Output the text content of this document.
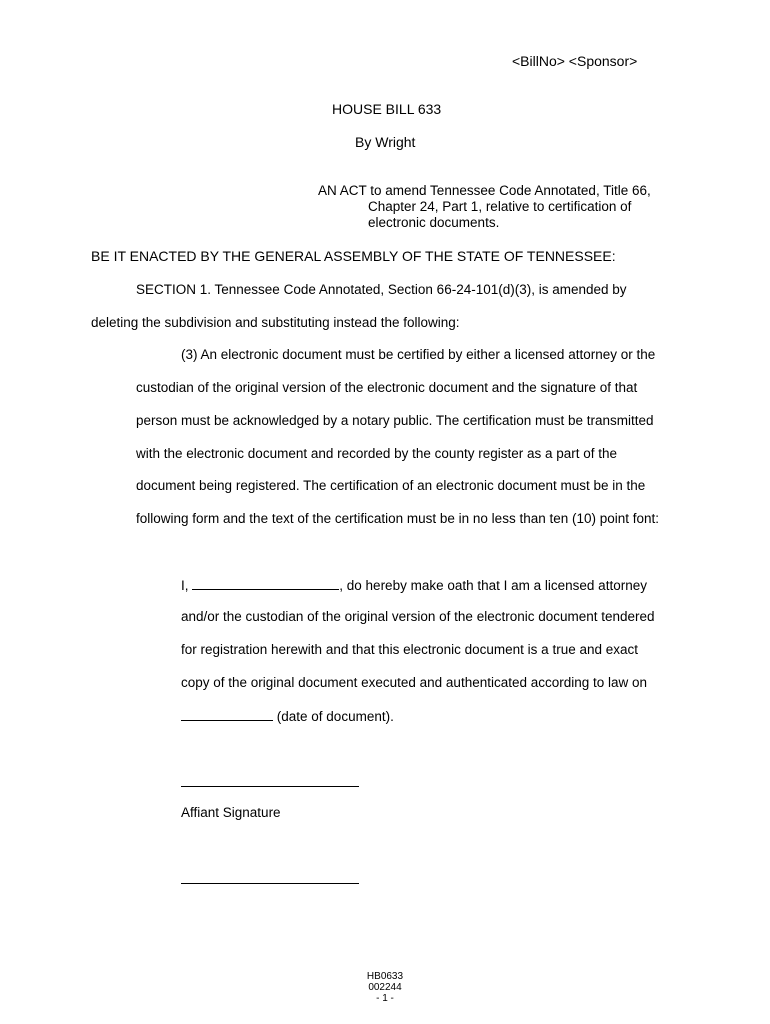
<BillNo> <Sponsor>

HOUSE BILL 633

By Wright

AN ACT to amend Tennessee Code Annotated, Title 66,
Chapter 24, Part 1, relative to certification of
electronic documents.

BE IT ENACTED BY THE GENERAL ASSEMBLY OF THE STATE OF TENNESSEE:

SECTION 1. Tennessee Code Annotated, Section 66-24-101(d)(3), is amended by

deleting the subdivision and substituting instead the following:

(3) An electronic document must be certified by either a licensed attorney or the

custodian of the original version of the electronic document and the signature of that

person must be acknowledged by a notary public. The certification must be transmitted

with the electronic document and recorded by the county register as a part of the

document being registered. The certification of an electronic document must be in the

following form and the text of the certification must be in no less than ten (10) point font:

I,	, do hereby make oath that I am a licensed attorney

and/or the custodian of the original version of the electronic document tendered

for registration herewith and that this electronic document is a true and exact

copy of the original document executed and authenticated according to law on

(date of document).

Affiant Signature

HB0633
002244
- 1 -
